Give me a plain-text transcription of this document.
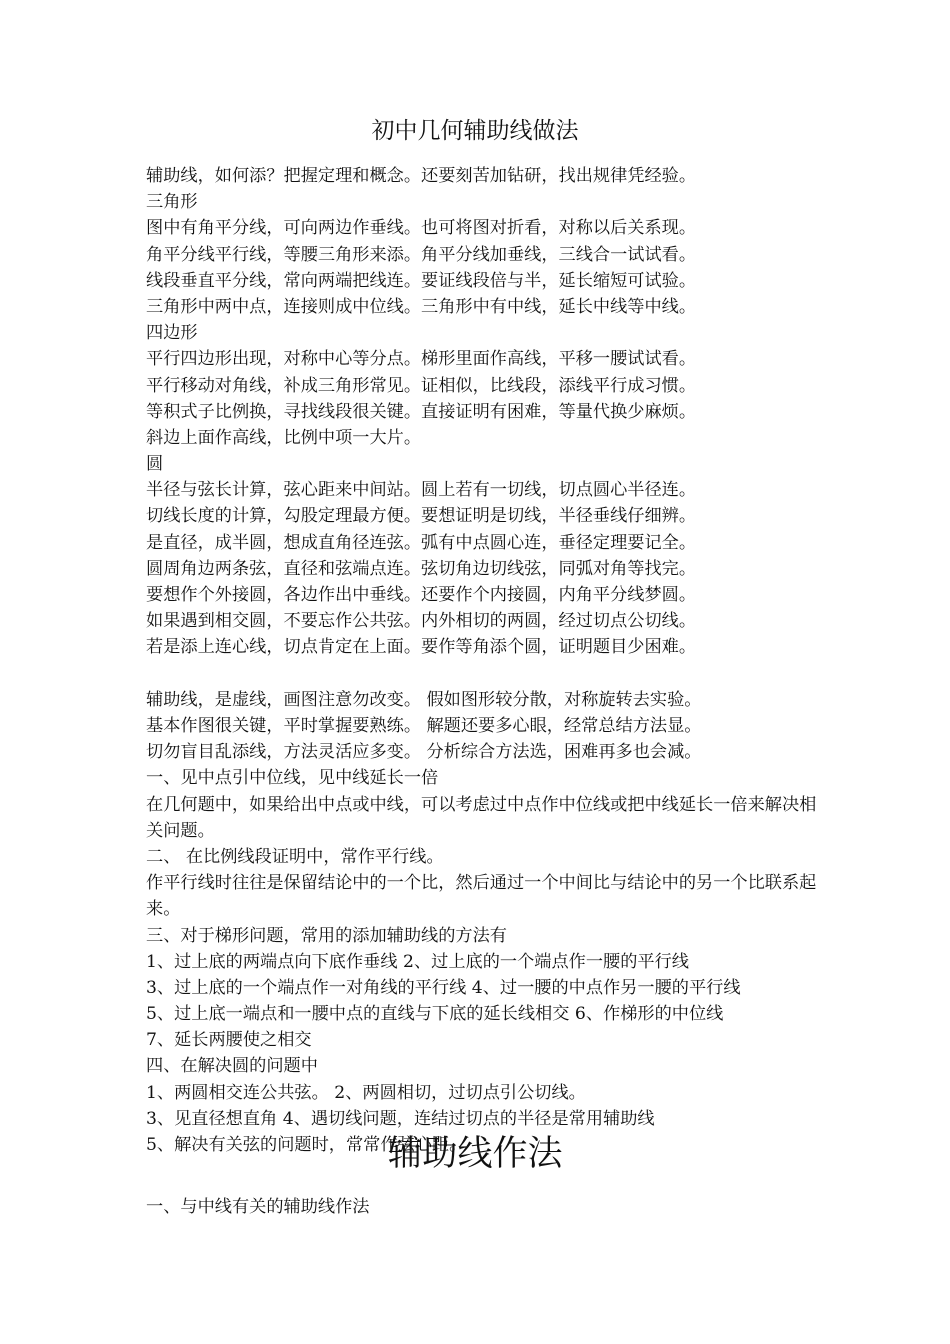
初中几何辅助线做法
辅助线，如何添？把握定理和概念。还要刻苦加钻研，找出规律凭经验。
三角形
图中有角平分线，可向两边作垂线。也可将图对折看，对称以后关系现。
角平分线平行线，等腰三角形来添。角平分线加垂线，三线合一试试看。
线段垂直平分线，常向两端把线连。要证线段倍与半，延长缩短可试验。
三角形中两中点，连接则成中位线。三角形中有中线，延长中线等中线。
四边形
平行四边形出现，对称中心等分点。梯形里面作高线，平移一腰试试看。
平行移动对角线，补成三角形常见。证相似，比线段，添线平行成习惯。
等积式子比例换，寻找线段很关键。直接证明有困难，等量代换少麻烦。
斜边上面作高线，比例中项一大片。
圆
半径与弦长计算，弦心距来中间站。圆上若有一切线，切点圆心半径连。
切线长度的计算，勾股定理最方便。要想证明是切线，半径垂线仔细辨。
是直径，成半圆，想成直角径连弦。弧有中点圆心连，垂径定理要记全。
圆周角边两条弦，直径和弦端点连。弦切角边切线弦，同弧对角等找完。
要想作个外接圆，各边作出中垂线。还要作个内接圆，内角平分线梦圆。
如果遇到相交圆，不要忘作公共弦。内外相切的两圆，经过切点公切线。
若是添上连心线，切点肯定在上面。要作等角添个圆，证明题目少困难。
辅助线，是虚线，画图注意勿改变。 假如图形较分散，对称旋转去实验。
基本作图很关键，平时掌握要熟练。 解题还要多心眼，经常总结方法显。
切勿盲目乱添线，方法灵活应多变。 分析综合方法选，困难再多也会减。
一、见中点引中位线，见中线延长一倍
在几何题中，如果给出中点或中线，可以考虑过中点作中位线或把中线延长一倍来解决相关问题。
二、 在比例线段证明中，常作平行线。
作平行线时往往是保留结论中的一个比，然后通过一个中间比与结论中的另一个比联系起来。
三、对于梯形问题，常用的添加辅助线的方法有
1、过上底的两端点向下底作垂线 2、过上底的一个端点作一腰的平行线
3、过上底的一个端点作一对角线的平行线 4、过一腰的中点作另一腰的平行线
5、过上底一端点和一腰中点的直线与下底的延长线相交 6、作梯形的中位线
7、延长两腰使之相交
四、在解决圆的问题中
1、两圆相交连公共弦。 2、两圆相切，过切点引公切线。
3、见直径想直角 4、遇切线问题，连结过切点的半径是常用辅助线
5、解决有关弦的问题时，常常作弦心距。
辅助线作法
一、与中线有关的辅助线作法
